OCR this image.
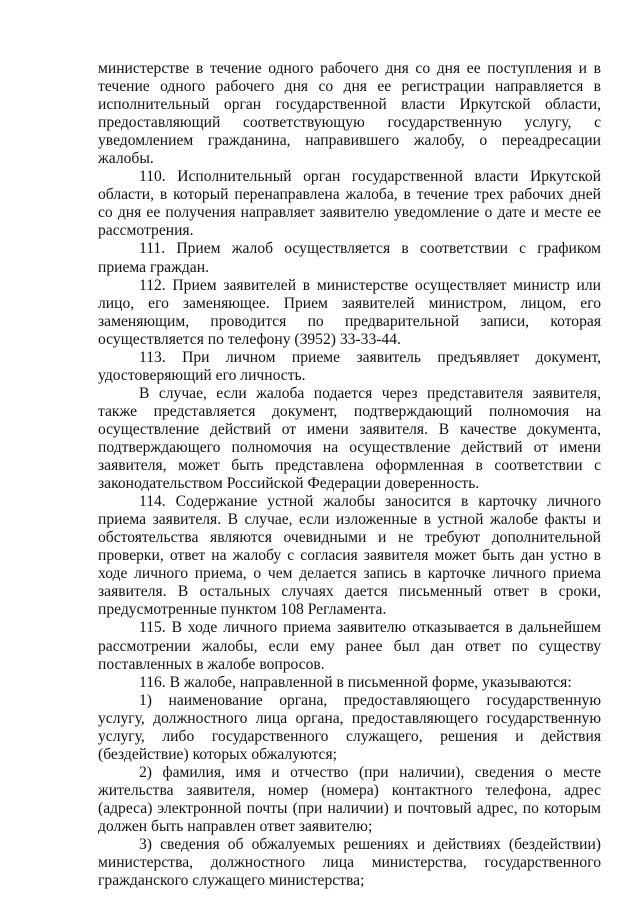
министерстве в течение одного рабочего дня со дня ее поступления и в течение одного рабочего дня со дня ее регистрации направляется в исполнительный орган государственной власти Иркутской области, предоставляющий соответствующую государственную услугу, с уведомлением гражданина, направившего жалобу, о переадресации жалобы.

110. Исполнительный орган государственной власти Иркутской области, в который перенаправлена жалоба, в течение трех рабочих дней со дня ее получения направляет заявителю уведомление о дате и месте ее рассмотрения.

111. Прием жалоб осуществляется в соответствии с графиком приема граждан.

112. Прием заявителей в министерстве осуществляет министр или лицо, его заменяющее. Прием заявителей министром, лицом, его заменяющим, проводится по предварительной записи, которая осуществляется по телефону (3952) 33-33-44.

113. При личном приеме заявитель предъявляет документ, удостоверяющий его личность.

В случае, если жалоба подается через представителя заявителя, также представляется документ, подтверждающий полномочия на осуществление действий от имени заявителя. В качестве документа, подтверждающего полномочия на осуществление действий от имени заявителя, может быть представлена оформленная в соответствии с законодательством Российской Федерации доверенность.

114. Содержание устной жалобы заносится в карточку личного приема заявителя. В случае, если изложенные в устной жалобе факты и обстоятельства являются очевидными и не требуют дополнительной проверки, ответ на жалобу с согласия заявителя может быть дан устно в ходе личного приема, о чем делается запись в карточке личного приема заявителя. В остальных случаях дается письменный ответ в сроки, предусмотренные пунктом 108 Регламента.

115. В ходе личного приема заявителю отказывается в дальнейшем рассмотрении жалобы, если ему ранее был дан ответ по существу поставленных в жалобе вопросов.

116. В жалобе, направленной в письменной форме, указываются:

1) наименование органа, предоставляющего государственную услугу, должностного лица органа, предоставляющего государственную услугу, либо государственного служащего, решения и действия (бездействие) которых обжалуются;

2) фамилия, имя и отчество (при наличии), сведения о месте жительства заявителя, номер (номера) контактного телефона, адрес (адреса) электронной почты (при наличии) и почтовый адрес, по которым должен быть направлен ответ заявителю;

3) сведения об обжалуемых решениях и действиях (бездействии) министерства, должностного лица министерства, государственного гражданского служащего министерства;
